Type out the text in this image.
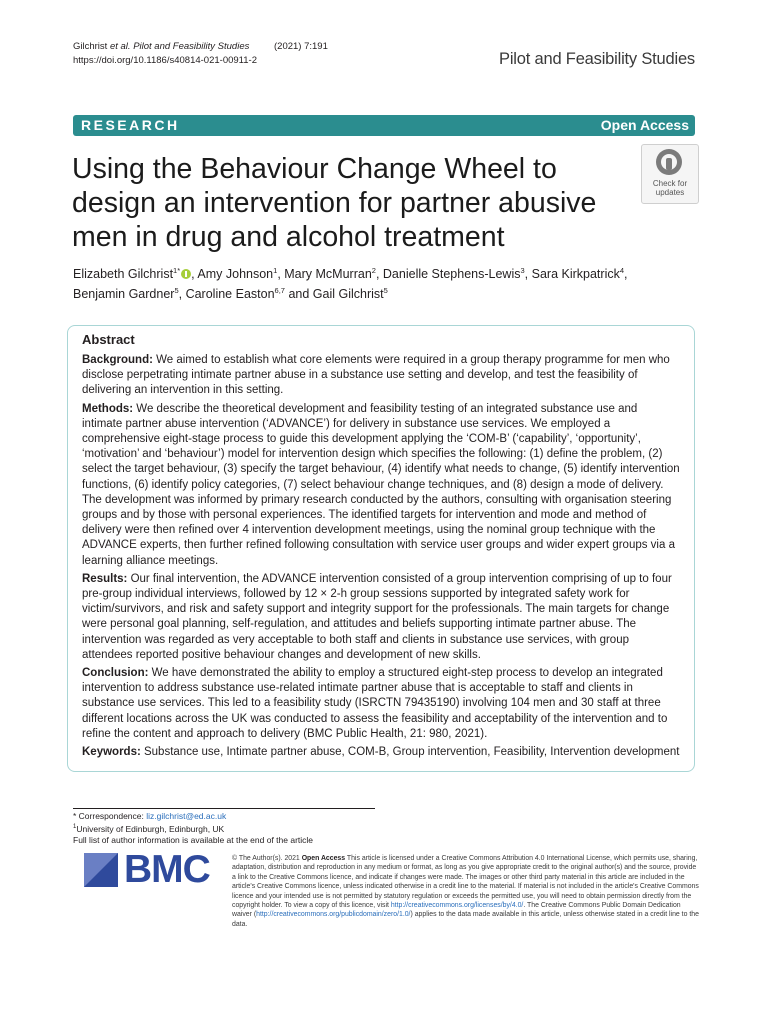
Gilchrist et al. Pilot and Feasibility Studies	(2021) 7:191
https://doi.org/10.1186/s40814-021-00911-2	Pilot and Feasibility Studies
RESEARCH	Open Access
Using the Behaviour Change Wheel to design an intervention for partner abusive men in drug and alcohol treatment
Check for
updates
Elizabeth Gilchrist$^{1*}$ , Amy Johnson$^1$, Mary McMurran$^2$, Danielle Stephens-Lewis$^3$, Sara Kirkpatrick$^4$,
Benjamin Gardner$^5$, Caroline Easton$^{6,7}$ and Gail Gilchrist$^5$
Abstract

Background: We aimed to establish what core elements were required in a group therapy programme for men who disclose perpetrating intimate partner abuse in a substance use setting and develop, and test the feasibility of delivering an intervention in this setting.

Methods: We describe the theoretical development and feasibility testing of an integrated substance use and intimate partner abuse intervention (‘ADVANCE’) for delivery in substance use services. We employed a comprehensive eight-stage process to guide this development applying the ‘COM-B’ (‘capability’, ‘opportunity’, ‘motivation’ and ‘behaviour’) model for intervention design which specifies the following: (1) define the problem, (2) select the target behaviour, (3) specify the target behaviour, (4) identify what needs to change, (5) identify intervention functions, (6) identify policy categories, (7) select behaviour change techniques, and (8) design a mode of delivery. The development was informed by primary research conducted by the authors, consulting with organisation steering groups and by those with personal experiences. The identified targets for intervention and mode and method of delivery were then refined over 4 intervention development meetings, using the nominal group technique with the ADVANCE experts, then further refined following consultation with service user groups and wider expert groups via a learning alliance meetings.

Results: Our final intervention, the ADVANCE intervention consisted of a group intervention comprising of up to four pre-group individual interviews, followed by 12 × 2-h group sessions supported by integrated safety work for victim/survivors, and risk and safety support and integrity support for the professionals. The main targets for change were personal goal planning, self-regulation, and attitudes and beliefs supporting intimate partner abuse. The intervention was regarded as very acceptable to both staff and clients in substance use services, with group attendees reported positive behaviour changes and development of new skills.

Conclusion: We have demonstrated the ability to employ a structured eight-step process to develop an integrated intervention to address substance use-related intimate partner abuse that is acceptable to staff and clients in substance use services. This led to a feasibility study (ISRCTN 79435190) involving 104 men and 30 staff at three different locations across the UK was conducted to assess the feasibility and acceptability of the intervention and to refine the content and approach to delivery (BMC Public Health, 21: 980, 2021).

Keywords: Substance use, Intimate partner abuse, COM-B, Group intervention, Feasibility, Intervention development

* Correspondence: liz.gilchrist@ed.ac.uk
$^1$University of Edinburgh, Edinburgh, UK
Full list of author information is available at the end of the article
BMC	© The Author(s). 2021 Open Access This article is licensed under a Creative Commons Attribution 4.0 International License, which permits use, sharing, adaptation, distribution and reproduction in any medium or format, as long as you give appropriate credit to the original author(s) and the source, provide a link to the Creative Commons licence, and indicate if changes were made. The images or other third party material in this article are included in the article's Creative Commons licence, unless indicated otherwise in a credit line to the material. If material is not included in the article's Creative Commons licence and your intended use is not permitted by statutory regulation or exceeds the permitted use, you will need to obtain permission directly from the copyright holder. To view a copy of this licence, visit http://creativecommons.org/licenses/by/4.0/. The Creative Commons Public Domain Dedication waiver (http://creativecommons.org/publicdomain/zero/1.0/) applies to the data made available in this article, unless otherwise stated in a credit line to the data.
